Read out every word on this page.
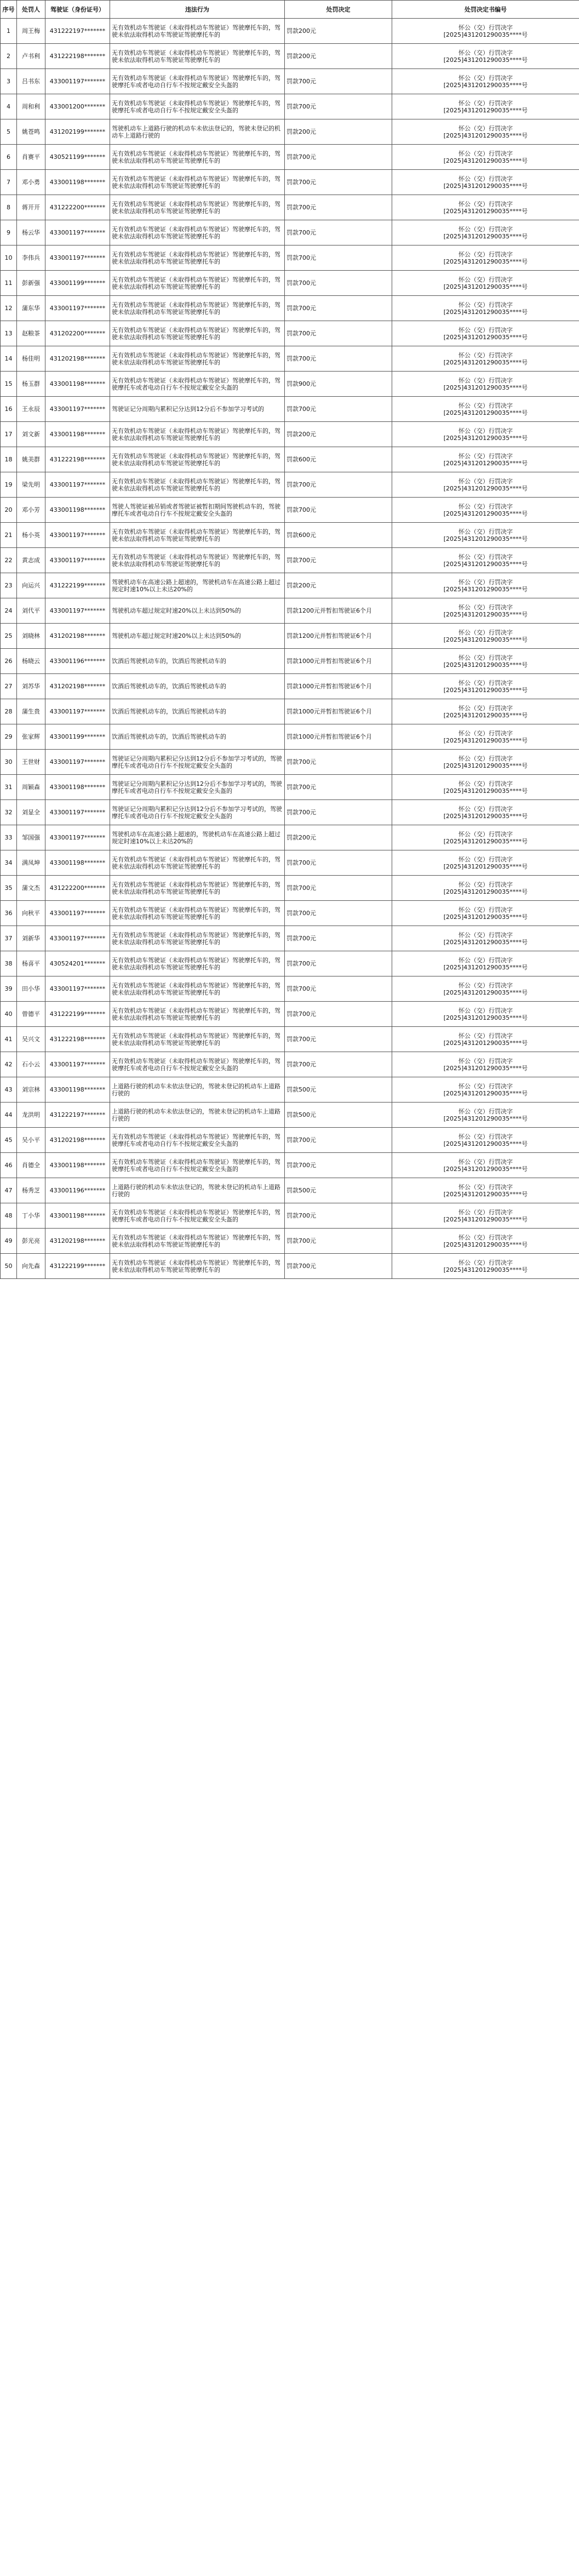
序号	处罚人	驾驶证（身份证号）	违法行为	处罚决定	处罚决定书编号
1	周王梅	431222197*******	无有效机动车驾驶证（未取得机动车驾驶证）驾驶摩托车的，驾驶未依法取得机动车驾驶证驾驶摩托车的	罚款200元	怀公（交）行罚决字
[2025]431201290035****号

2	卢书利	431222198*******	无有效机动车驾驶证（未取得机动车驾驶证）驾驶摩托车的，驾驶未依法取得机动车驾驶证驾驶摩托车的	罚款200元	怀公（交）行罚决字
[2025]431201290035****号

3	吕书东	433001197*******	无有效机动车驾驶证（未取得机动车驾驶证）驾驶摩托车的，驾驶摩托车或者电动自行车不按规定戴安全头盔的	罚款700元	怀公（交）行罚决字
[2025]431201290035****号

4	周和利	433001200*******	无有效机动车驾驶证（未取得机动车驾驶证）驾驶摩托车的，驾驶摩托车或者电动自行车不按规定戴安全头盔的	罚款700元	怀公（交）行罚决字
[2025]431201290035****号

5	姚苍鸣	431202199*******	驾驶机动车上道路行驶的机动车未依法登记的，驾驶未登记的机动车上道路行驶的	罚款200元	怀公（交）行罚决字
[2025]431201290035****号

6	肖赛平	430521199*******	无有效机动车驾驶证（未取得机动车驾驶证）驾驶摩托车的，驾驶未依法取得机动车驾驶证驾驶摩托车的	罚款700元	怀公（交）行罚决字
[2025]431201290035****号

7	邓小勇	433001198*******	无有效机动车驾驶证（未取得机动车驾驶证）驾驶摩托车的，驾驶未依法取得机动车驾驶证驾驶摩托车的	罚款700元	怀公（交）行罚决字
[2025]431201290035****号

8	蒋开开	431222200*******	无有效机动车驾驶证（未取得机动车驾驶证）驾驶摩托车的，驾驶未依法取得机动车驾驶证驾驶摩托车的	罚款700元	怀公（交）行罚决字
[2025]431201290035****号

9	杨云华	433001197*******	无有效机动车驾驶证（未取得机动车驾驶证）驾驶摩托车的，驾驶未依法取得机动车驾驶证驾驶摩托车的	罚款700元	怀公（交）行罚决字
[2025]431201290035****号

10	李伟兵	433001197*******	无有效机动车驾驶证（未取得机动车驾驶证）驾驶摩托车的，驾驶未依法取得机动车驾驶证驾驶摩托车的	罚款700元	怀公（交）行罚决字
[2025]431201290035****号

11	彭新强	433001199*******	无有效机动车驾驶证（未取得机动车驾驶证）驾驶摩托车的，驾驶未依法取得机动车驾驶证驾驶摩托车的	罚款700元	怀公（交）行罚决字
[2025]431201290035****号

12	蒲东华	433001197*******	无有效机动车驾驶证（未取得机动车驾驶证）驾驶摩托车的，驾驶未依法取得机动车驾驶证驾驶摩托车的	罚款700元	怀公（交）行罚决字
[2025]431201290035****号

13	赵粮茶	431202200*******	无有效机动车驾驶证（未取得机动车驾驶证）驾驶摩托车的，驾驶未依法取得机动车驾驶证驾驶摩托车的	罚款700元	怀公（交）行罚决字
[2025]431201290035****号

14	杨佳明	431202198*******	无有效机动车驾驶证（未取得机动车驾驶证）驾驶摩托车的，驾驶未依法取得机动车驾驶证驾驶摩托车的	罚款700元	怀公（交）行罚决字
[2025]431201290035****号

15	杨玉群	433001198*******	无有效机动车驾驶证（未取得机动车驾驶证）驾驶摩托车的，驾驶摩托车或者电动自行车不按规定戴安全头盔的	罚款900元	怀公（交）行罚决字
[2025]431201290035****号

16	王永辰	433001197*******	驾驶证记分周期内累积记分达到12分后不参加学习考试的	罚款700元	怀公（交）行罚决字
[2025]431201290035****号

17	刘文新	433001198*******	无有效机动车驾驶证（未取得机动车驾驶证）驾驶摩托车的，驾驶未依法取得机动车驾驶证驾驶摩托车的	罚款200元	怀公（交）行罚决字
[2025]431201290035****号

18	姚美群	431222198*******	无有效机动车驾驶证（未取得机动车驾驶证）驾驶摩托车的，驾驶未依法取得机动车驾驶证驾驶摩托车的	罚款600元	怀公（交）行罚决字
[2025]431201290035****号

19	梁先明	433001197*******	无有效机动车驾驶证（未取得机动车驾驶证）驾驶摩托车的，驾驶未依法取得机动车驾驶证驾驶摩托车的	罚款700元	怀公（交）行罚决字
[2025]431201290035****号

20	邓小芳	433001198*******	驾驶人驾驶证被吊销或者驾驶证被暂扣期间驾驶机动车的，驾驶摩托车或者电动自行车不按规定戴安全头盔的	罚款700元	怀公（交）行罚决字
[2025]431201290035****号

21	杨小英	433001197*******	无有效机动车驾驶证（未取得机动车驾驶证）驾驶摩托车的，驾驶未依法取得机动车驾驶证驾驶摩托车的	罚款600元	怀公（交）行罚决字
[2025]431201290035****号

22	黄志成	433001197*******	无有效机动车驾驶证（未取得机动车驾驶证）驾驶摩托车的，驾驶未依法取得机动车驾驶证驾驶摩托车的	罚款700元	怀公（交）行罚决字
[2025]431201290035****号

23	向运兴	431222199*******	驾驶机动车在高速公路上超速的，驾驶机动车在高速公路上超过规定时速10%以上未达20%的	罚款200元	怀公（交）行罚决字
[2025]431201290035****号

24	刘代平	433001197*******	驾驶机动车超过规定时速20%以上未达到50%的	罚款1200元并暂扣驾驶证6个月	怀公（交）行罚决字
[2025]431201290035****号

25	刘晓林	431202198*******	驾驶机动车超过规定时速20%以上未达到50%的	罚款1200元并暂扣驾驶证6个月	怀公（交）行罚决字
[2025]431201290035****号

26	杨晓云	433001196*******	饮酒后驾驶机动车的，饮酒后驾驶机动车的	罚款1000元并暂扣驾驶证6个月	怀公（交）行罚决字
[2025]431201290035****号

27	刘苏华	431202198*******	饮酒后驾驶机动车的，饮酒后驾驶机动车的	罚款1000元并暂扣驾驶证6个月	怀公（交）行罚决字
[2025]431201290035****号

28	蒲生贵	433001197*******	饮酒后驾驶机动车的，饮酒后驾驶机动车的	罚款1000元并暂扣驾驶证6个月	怀公（交）行罚决字
[2025]431201290035****号

29	张家辉	433001199*******	饮酒后驾驶机动车的，饮酒后驾驶机动车的	罚款1000元并暂扣驾驶证6个月	怀公（交）行罚决字
[2025]431201290035****号

30	王世财	433001197*******	驾驶证记分周期内累积记分达到12分后不参加学习考试的，驾驶摩托车或者电动自行车不按规定戴安全头盔的	罚款700元	怀公（交）行罚决字
[2025]431201290035****号

31	周颖森	433001198*******	驾驶证记分周期内累积记分达到12分后不参加学习考试的，驾驶摩托车或者电动自行车不按规定戴安全头盔的	罚款700元	怀公（交）行罚决字
[2025]431201290035****号

32	刘显全	433001197*******	驾驶证记分周期内累积记分达到12分后不参加学习考试的，驾驶摩托车或者电动自行车不按规定戴安全头盔的	罚款700元	怀公（交）行罚决字
[2025]431201290035****号

33	邹国强	433001197*******	驾驶机动车在高速公路上超速的，驾驶机动车在高速公路上超过规定时速10%以上未达20%的	罚款200元	怀公（交）行罚决字
[2025]431201290035****号

34	满凤坤	433001198*******	无有效机动车驾驶证（未取得机动车驾驶证）驾驶摩托车的，驾驶未依法取得机动车驾驶证驾驶摩托车的	罚款700元	怀公（交）行罚决字
[2025]431201290035****号

35	蒲文杰	431222200*******	无有效机动车驾驶证（未取得机动车驾驶证）驾驶摩托车的，驾驶未依法取得机动车驾驶证驾驶摩托车的	罚款700元	怀公（交）行罚决字
[2025]431201290035****号

36	向秋平	433001197*******	无有效机动车驾驶证（未取得机动车驾驶证）驾驶摩托车的，驾驶未依法取得机动车驾驶证驾驶摩托车的	罚款700元	怀公（交）行罚决字
[2025]431201290035****号

37	刘新华	433001197*******	无有效机动车驾驶证（未取得机动车驾驶证）驾驶摩托车的，驾驶未依法取得机动车驾驶证驾驶摩托车的	罚款700元	怀公（交）行罚决字
[2025]431201290035****号

38	杨喜平	430524201*******	无有效机动车驾驶证（未取得机动车驾驶证）驾驶摩托车的，驾驶未依法取得机动车驾驶证驾驶摩托车的	罚款700元	怀公（交）行罚决字
[2025]431201290035****号

39	田小华	433001197*******	无有效机动车驾驶证（未取得机动车驾驶证）驾驶摩托车的，驾驶未依法取得机动车驾驶证驾驶摩托车的	罚款700元	怀公（交）行罚决字
[2025]431201290035****号

40	曾德平	431222199*******	无有效机动车驾驶证（未取得机动车驾驶证）驾驶摩托车的，驾驶未依法取得机动车驾驶证驾驶摩托车的	罚款700元	怀公（交）行罚决字
[2025]431201290035****号

41	吴兴文	431222198*******	无有效机动车驾驶证（未取得机动车驾驶证）驾驶摩托车的，驾驶未依法取得机动车驾驶证驾驶摩托车的	罚款700元	怀公（交）行罚决字
[2025]431201290035****号

42	石小云	433001197*******	无有效机动车驾驶证（未取得机动车驾驶证）驾驶摩托车的，驾驶摩托车或者电动自行车不按规定戴安全头盔的	罚款700元	怀公（交）行罚决字
[2025]431201290035****号

43	刘宗林	433001198*******	上道路行驶的机动车未依法登记的，驾驶未登记的机动车上道路行驶的	罚款500元	怀公（交）行罚决字
[2025]431201290035****号

44	龙洪明	431222197*******	上道路行驶的机动车未依法登记的，驾驶未登记的机动车上道路行驶的	罚款500元	怀公（交）行罚决字
[2025]431201290035****号

45	吴小平	431202198*******	无有效机动车驾驶证（未取得机动车驾驶证）驾驶摩托车的，驾驶摩托车或者电动自行车不按规定戴安全头盔的	罚款700元	怀公（交）行罚决字
[2025]431201290035****号

46	肖德全	433001198*******	无有效机动车驾驶证（未取得机动车驾驶证）驾驶摩托车的，驾驶摩托车或者电动自行车不按规定戴安全头盔的	罚款700元	怀公（交）行罚决字
[2025]431201290035****号

47	杨秀芝	433001196*******	上道路行驶的机动车未依法登记的，驾驶未登记的机动车上道路行驶的	罚款500元	怀公（交）行罚决字
[2025]431201290035****号

48	丁小华	433001198*******	无有效机动车驾驶证（未取得机动车驾驶证）驾驶摩托车的，驾驶摩托车或者电动自行车不按规定戴安全头盔的	罚款700元	怀公（交）行罚决字
[2025]431201290035****号

49	彭光亮	431202198*******	无有效机动车驾驶证（未取得机动车驾驶证）驾驶摩托车的，驾驶未依法取得机动车驾驶证驾驶摩托车的	罚款700元	怀公（交）行罚决字
[2025]431201290035****号

50	向先森	431222199*******	无有效机动车驾驶证（未取得机动车驾驶证）驾驶摩托车的，驾驶未依法取得机动车驾驶证驾驶摩托车的	罚款700元	怀公（交）行罚决字
[2025]431201290035****号
